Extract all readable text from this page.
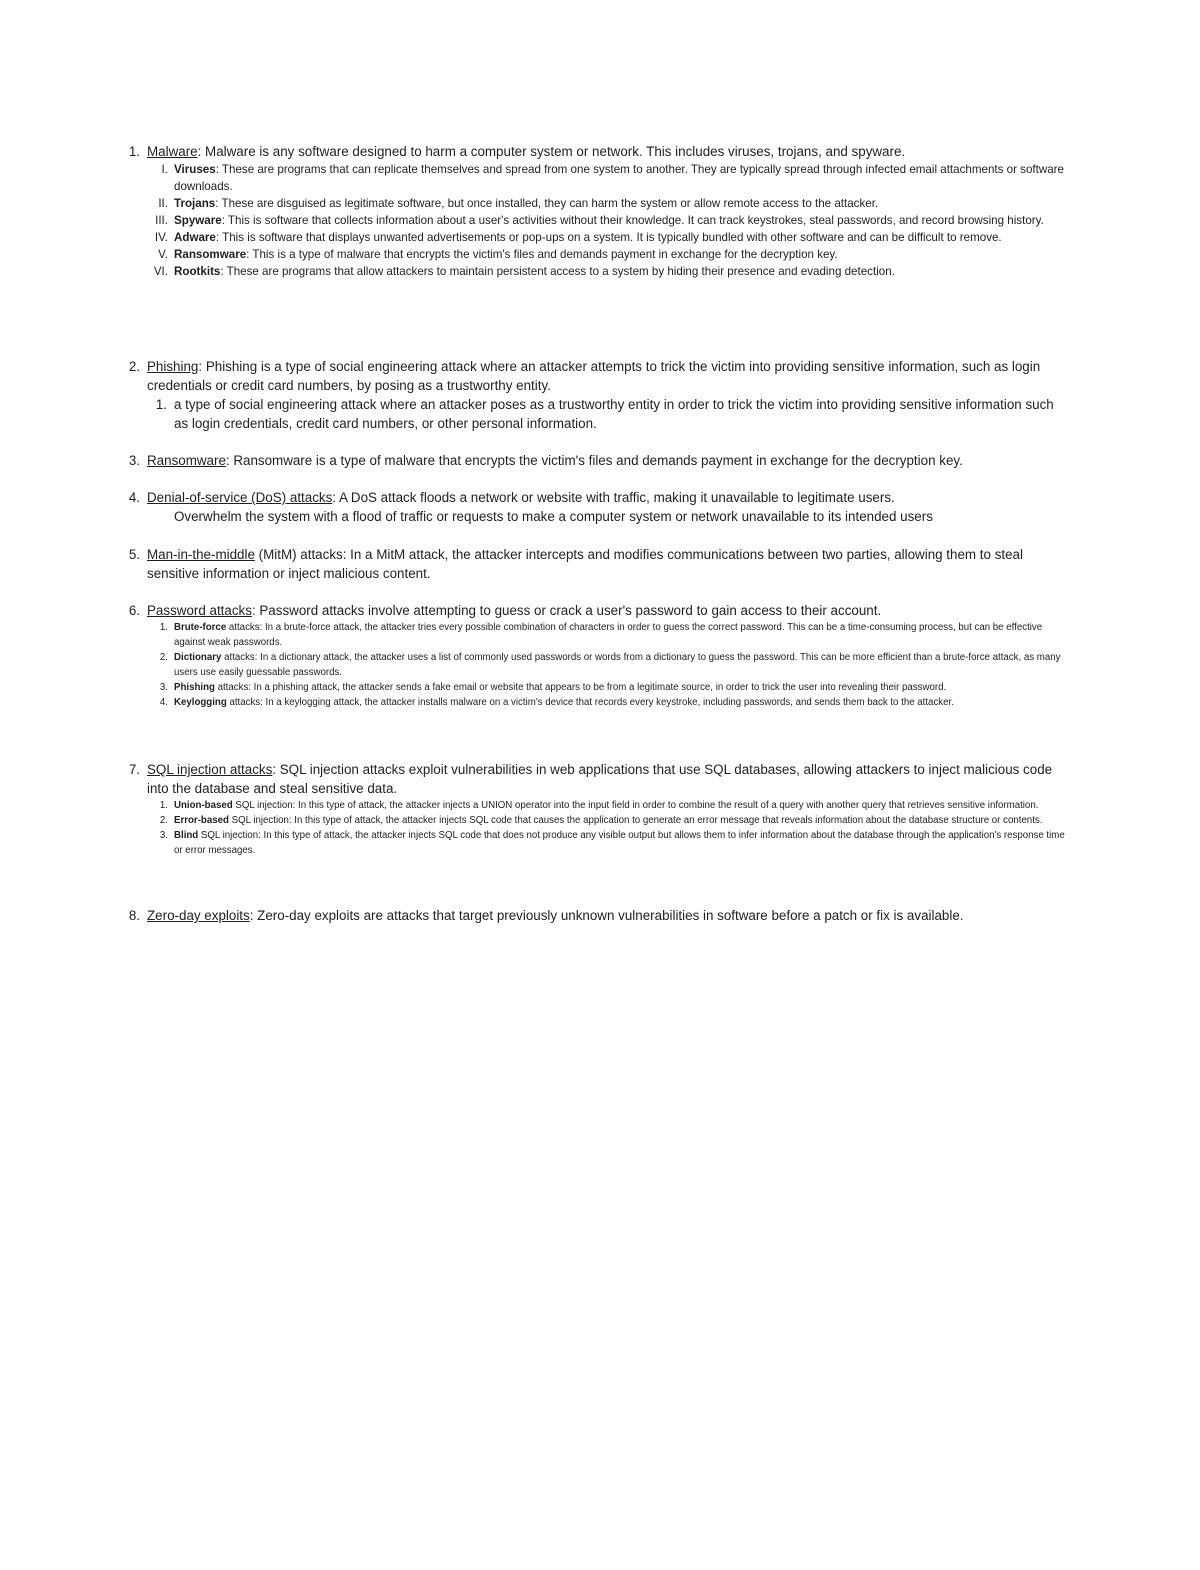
1. Malware: Malware is any software designed to harm a computer system or network. This includes viruses, trojans, and spyware.
I. Viruses: These are programs that can replicate themselves and spread from one system to another. They are typically spread through infected email attachments or software downloads.
II. Trojans: These are disguised as legitimate software, but once installed, they can harm the system or allow remote access to the attacker.
III. Spyware: This is software that collects information about a user's activities without their knowledge. It can track keystrokes, steal passwords, and record browsing history.
IV. Adware: This is software that displays unwanted advertisements or pop-ups on a system. It is typically bundled with other software and can be difficult to remove.
V. Ransomware: This is a type of malware that encrypts the victim's files and demands payment in exchange for the decryption key.
VI. Rootkits: These are programs that allow attackers to maintain persistent access to a system by hiding their presence and evading detection.
2. Phishing: Phishing is a type of social engineering attack where an attacker attempts to trick the victim into providing sensitive information, such as login credentials or credit card numbers, by posing as a trustworthy entity.
1. a type of social engineering attack where an attacker poses as a trustworthy entity in order to trick the victim into providing sensitive information such as login credentials, credit card numbers, or other personal information.
3. Ransomware: Ransomware is a type of malware that encrypts the victim's files and demands payment in exchange for the decryption key.
4. Denial-of-service (DoS) attacks: A DoS attack floods a network or website with traffic, making it unavailable to legitimate users.
Overwhelm the system with a flood of traffic or requests to make a computer system or network unavailable to its intended users
5. Man-in-the-middle (MitM) attacks: In a MitM attack, the attacker intercepts and modifies communications between two parties, allowing them to steal sensitive information or inject malicious content.
6. Password attacks: Password attacks involve attempting to guess or crack a user's password to gain access to their account.
1. Brute-force attacks: In a brute-force attack, the attacker tries every possible combination of characters in order to guess the correct password. This can be a time-consuming process, but can be effective against weak passwords.
2. Dictionary attacks: In a dictionary attack, the attacker uses a list of commonly used passwords or words from a dictionary to guess the password. This can be more efficient than a brute-force attack, as many users use easily guessable passwords.
3. Phishing attacks: In a phishing attack, the attacker sends a fake email or website that appears to be from a legitimate source, in order to trick the user into revealing their password.
4. Keylogging attacks: In a keylogging attack, the attacker installs malware on a victim's device that records every keystroke, including passwords, and sends them back to the attacker.
7. SQL injection attacks: SQL injection attacks exploit vulnerabilities in web applications that use SQL databases, allowing attackers to inject malicious code into the database and steal sensitive data.
1. Union-based SQL injection: In this type of attack, the attacker injects a UNION operator into the input field in order to combine the result of a query with another query that retrieves sensitive information.
2. Error-based SQL injection: In this type of attack, the attacker injects SQL code that causes the application to generate an error message that reveals information about the database structure or contents.
3. Blind SQL injection: In this type of attack, the attacker injects SQL code that does not produce any visible output but allows them to infer information about the database through the application's response time or error messages.
8. Zero-day exploits: Zero-day exploits are attacks that target previously unknown vulnerabilities in software before a patch or fix is available.
